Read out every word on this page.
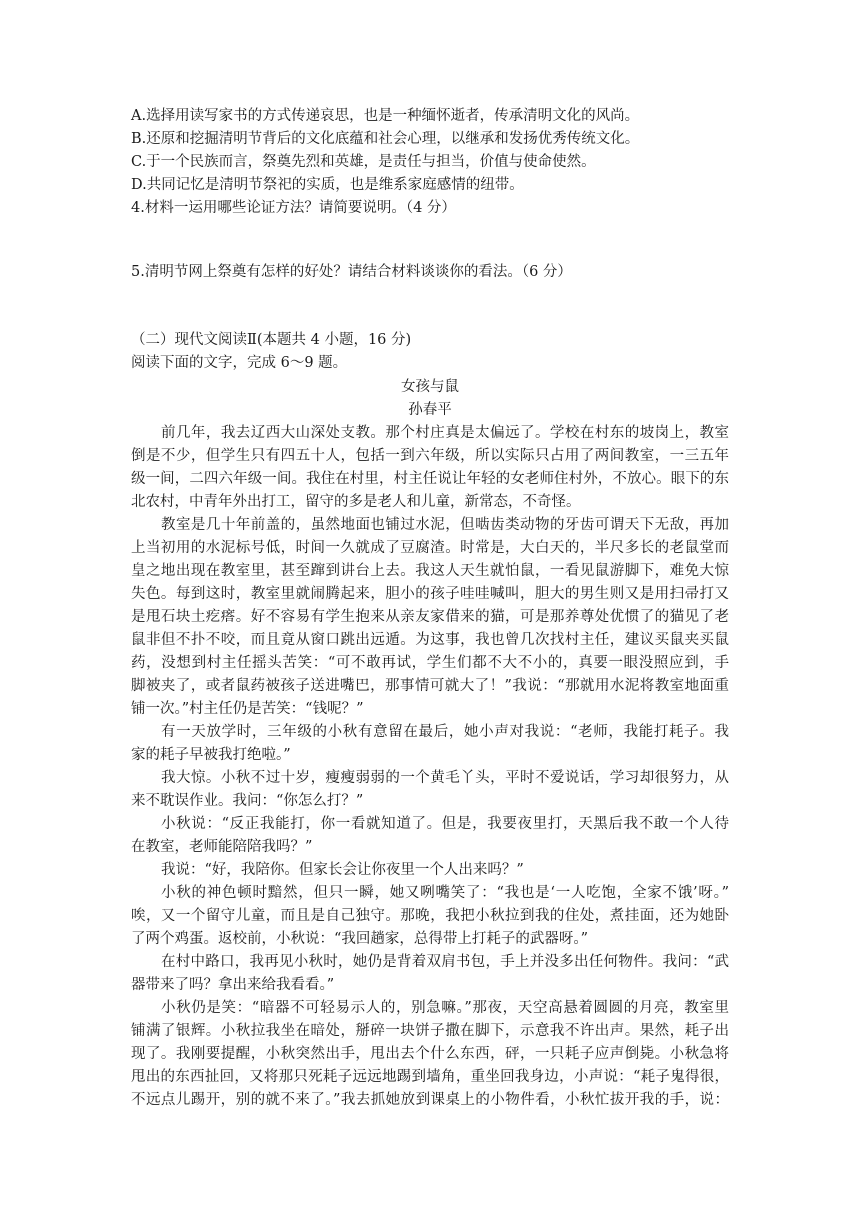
A.选择用读写家书的方式传递哀思，也是一种缅怀逝者，传承清明文化的风尚。
B.还原和挖掘清明节背后的文化底蕴和社会心理，以继承和发扬优秀传统文化。
C.于一个民族而言，祭奠先烈和英雄，是责任与担当，价值与使命使然。
D.共同记忆是清明节祭祀的实质，也是维系家庭感情的纽带。
4.材料一运用哪些论证方法？请简要说明。（4 分）
5.清明节网上祭奠有怎样的好处？请结合材料谈谈你的看法。（6 分）
（二）现代文阅读Ⅱ(本题共 4 小题，16 分)
阅读下面的文字，完成 6～9 题。
女孩与鼠
孙春平
前几年，我去辽西大山深处支教。那个村庄真是太偏远了。学校在村东的坡岗上，教室
倒是不少，但学生只有四五十人，包括一到六年级，所以实际只占用了两间教室，一三五年
级一间，二四六年级一间。我住在村里，村主任说让年轻的女老师住村外，不放心。眼下的东
北农村，中青年外出打工，留守的多是老人和儿童，新常态，不奇怪。
教室是几十年前盖的，虽然地面也铺过水泥，但啮齿类动物的牙齿可谓天下无敌，再加
上当初用的水泥标号低，时间一久就成了豆腐渣。时常是，大白天的，半尺多长的老鼠堂而
皇之地出现在教室里，甚至蹿到讲台上去。我这人天生就怕鼠，一看见鼠游脚下，难免大惊
失色。每到这时，教室里就闹腾起来，胆小的孩子哇哇喊叫，胆大的男生则又是用扫帚打又
是甩石块土疙瘩。好不容易有学生抱来从亲友家借来的猫，可是那养尊处优惯了的猫见了老
鼠非但不扑不咬，而且竟从窗口跳出远遁。为这事，我也曾几次找村主任，建议买鼠夹买鼠
药，没想到村主任摇头苦笑：“可不敢再试，学生们都不大不小的，真要一眼没照应到，手
脚被夹了，或者鼠药被孩子送进嘴巴，那事情可就大了！”我说：“那就用水泥将教室地面重
铺一次。”村主任仍是苦笑：“钱呢？”
有一天放学时，三年级的小秋有意留在最后，她小声对我说：“老师，我能打耗子。我
家的耗子早被我打绝啦。”
我大惊。小秋不过十岁，瘦瘦弱弱的一个黄毛丫头，平时不爱说话，学习却很努力，从
来不耽误作业。我问：“你怎么打？”
小秋说：“反正我能打，你一看就知道了。但是，我要夜里打，天黑后我不敢一个人待
在教室，老师能陪陪我吗？”
我说：“好，我陪你。但家长会让你夜里一个人出来吗？”
小秋的神色顿时黯然，但只一瞬，她又咧嘴笑了：“我也是‘一人吃饱，全家不饿’呀。”
唉，又一个留守儿童，而且是自己独守。那晚，我把小秋拉到我的住处，煮挂面，还为她卧
了两个鸡蛋。返校前，小秋说：“我回趟家，总得带上打耗子的武器呀。”
在村中路口，我再见小秋时，她仍是背着双肩书包，手上并没多出任何物件。我问：“武
器带来了吗？拿出来给我看看。”
小秋仍是笑：“暗器不可轻易示人的，别急嘛。”那夜，天空高悬着圆圆的月亮，教室里
铺满了银辉。小秋拉我坐在暗处，掰碎一块饼子撒在脚下，示意我不许出声。果然，耗子出
现了。我刚要提醒，小秋突然出手，甩出去个什么东西，砰，一只耗子应声倒毙。小秋急将
甩出的东西扯回，又将那只死耗子远远地踢到墙角，重坐回我身边，小声说：“耗子鬼得很，
不远点儿踢开，别的就不来了。”我去抓她放到课桌上的小物件看，小秋忙拔开我的手，说：
